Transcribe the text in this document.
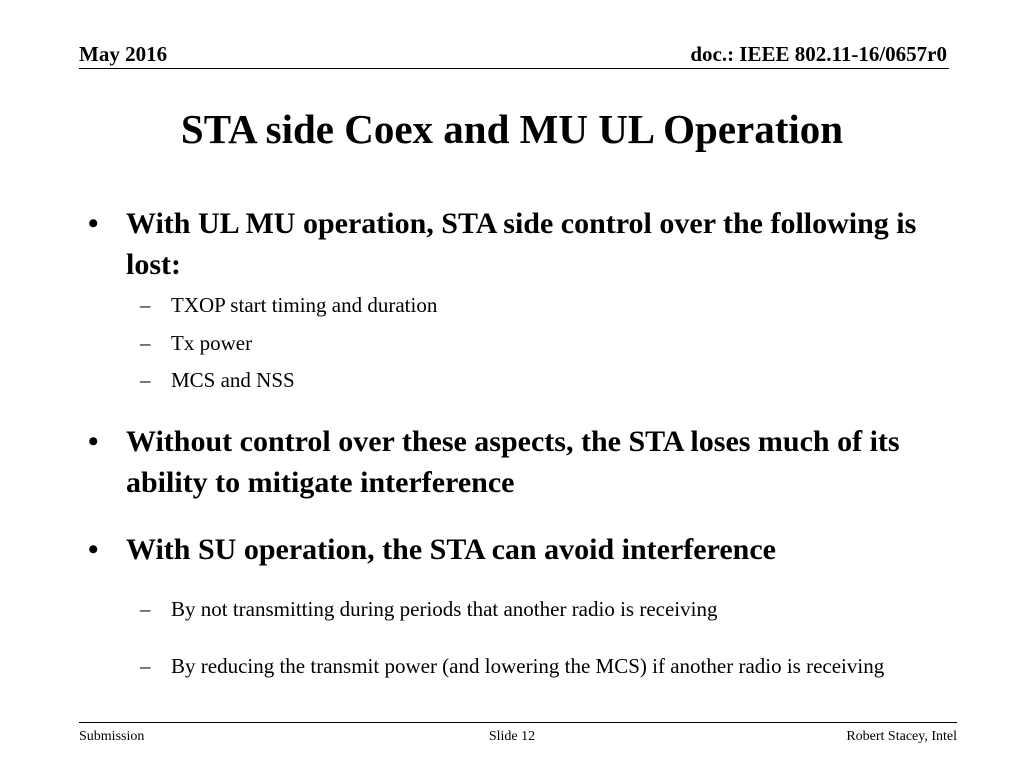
May 2016	doc.: IEEE 802.11-16/0657r0
STA side Coex and MU UL Operation
• With UL MU operation, STA side control over the following is lost:
– TXOP start timing and duration
– Tx power
– MCS and NSS
• Without control over these aspects, the STA loses much of its ability to mitigate interference
• With SU operation, the STA can avoid interference
– By not transmitting during periods that another radio is receiving
– By reducing the transmit power (and lowering the MCS) if another radio is receiving
Submission	Slide 12	Robert Stacey, Intel
